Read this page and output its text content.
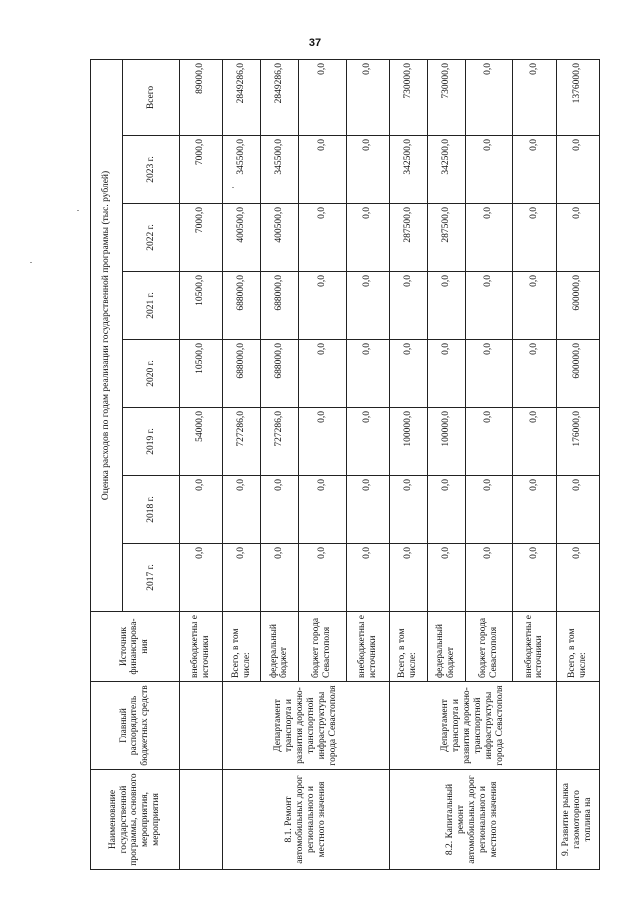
37
Наименование государственной программы, основного мероприятия, мероприятия	Главный распорядитель бюджетных средств	Источник финансирова-ния	Оценка расходов по годам реализации государственной программы (тыс. рублей)							
			2017 г.	2018 г.	2019 г.	2020 г.	2021 г.	2022 г.	2023 г.	Всего
		внебюджетны е источники	0,0	0,0	54000,0	10500,0	10500,0	7000,0	7000,0	89000,0
8.1. Ремонт автомобильных дорог регионального и местного значения	Департамент транспорта и развития дорожно-транспортной инфраструктуры города Севастополя	Всего, в том числе:	0,0	0,0	727286,0	688000,0	688000,0	400500,0	345500,0	2849286,0
		федеральный бюджет	0,0	0,0	727286,0	688000,0	688000,0	400500,0	345500,0	2849286,0
		бюджет города Севастополя	0,0	0,0	0,0	0,0	0,0	0,0	0,0	0,0
		внебюджетны е источники	0,0	0,0	0,0	0,0	0,0	0,0	0,0	0,0
8.2. Капитальный ремонт автомобильных дорог регионального и местного значения	Департамент транспорта и развития дорожно-транспортной инфраструктуры города Севастополя	Всего, в том числе:	0,0	0,0	100000,0	0,0	0,0	287500,0	342500,0	730000,0
		федеральный бюджет	0,0	0,0	100000,0	0,0	0,0	287500,0	342500,0	730000,0
		бюджет города Севастополя	0,0	0,0	0,0	0,0	0,0	0,0	0,0	0,0
		внебюджетны е источники	0,0	0,0	0,0	0,0	0,0	0,0	0,0	0,0
9. Развитие рынка газомоторного топлива на		Всего, в том числе:	0,0	0,0	176000,0	600000,0	600000,0	0,0	0,0	1376000,0
